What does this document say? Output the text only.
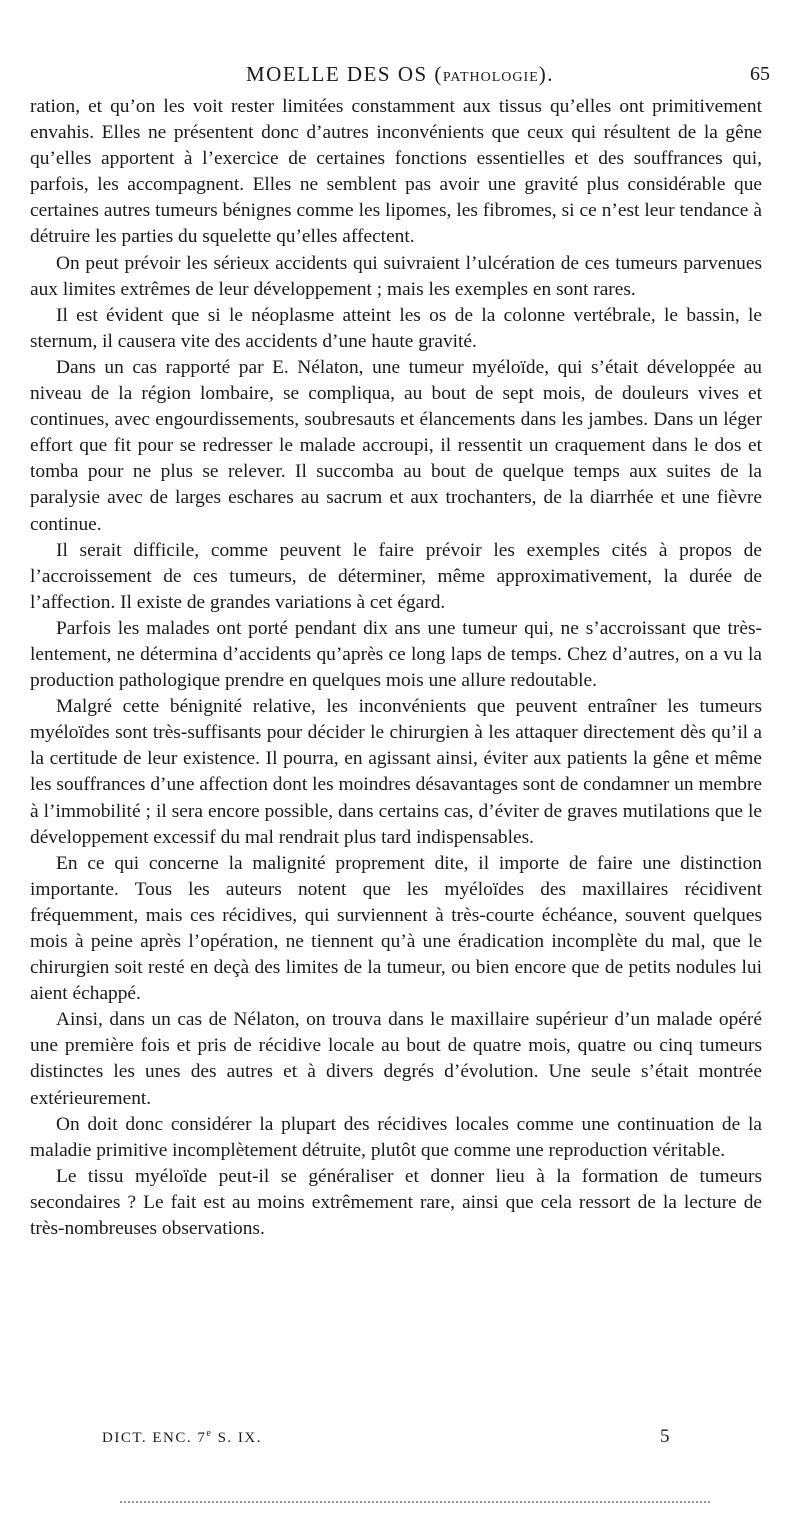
MOELLE DES OS (PATHOLOGIE).	65

ration, et qu’on les voit rester limitées constamment aux tissus qu’elles ont primitivement envahis. Elles ne présentent donc d’autres inconvénients que ceux qui résultent de la gêne qu’elles apportent à l’exercice de certaines fonctions essentielles et des souffrances qui, parfois, les accompagnent. Elles ne semblent pas avoir une gravité plus considérable que certaines autres tumeurs bénignes comme les lipomes, les fibromes, si ce n’est leur tendance à détruire les parties du squelette qu’elles affectent.

On peut prévoir les sérieux accidents qui suivraient l’ulcération de ces tumeurs parvenues aux limites extrêmes de leur développement ; mais les exemples en sont rares.

Il est évident que si le néoplasme atteint les os de la colonne vertébrale, le bassin, le sternum, il causera vite des accidents d’une haute gravité.

Dans un cas rapporté par E. Nélaton, une tumeur myéloïde, qui s’était développée au niveau de la région lombaire, se compliqua, au bout de sept mois, de douleurs vives et continues, avec engourdissements, soubresauts et élancements dans les jambes. Dans un léger effort que fit pour se redresser le malade accroupi, il ressentit un craquement dans le dos et tomba pour ne plus se relever. Il succomba au bout de quelque temps aux suites de la paralysie avec de larges eschares au sacrum et aux trochanters, de la diarrhée et une fièvre continue.

Il serait difficile, comme peuvent le faire prévoir les exemples cités à propos de l’accroissement de ces tumeurs, de déterminer, même approximativement, la durée de l’affection. Il existe de grandes variations à cet égard.

Parfois les malades ont porté pendant dix ans une tumeur qui, ne s’accroissant que très-lentement, ne détermina d’accidents qu’après ce long laps de temps. Chez d’autres, on a vu la production pathologique prendre en quelques mois une allure redoutable.

Malgré cette bénignité relative, les inconvénients que peuvent entraîner les tumeurs myéloïdes sont très-suffisants pour décider le chirurgien à les attaquer directement dès qu’il a la certitude de leur existence. Il pourra, en agissant ainsi, éviter aux patients la gêne et même les souffrances d’une affection dont les moindres désavantages sont de condamner un membre à l’immobilité ; il sera encore possible, dans certains cas, d’éviter de graves mutilations que le développement excessif du mal rendrait plus tard indispensables.

En ce qui concerne la malignité proprement dite, il importe de faire une distinction importante. Tous les auteurs notent que les myéloïdes des maxillaires récidivent fréquemment, mais ces récidives, qui surviennent à très-courte échéance, souvent quelques mois à peine après l’opération, ne tiennent qu’à une éradication incomplète du mal, que le chirurgien soit resté en deçà des limites de la tumeur, ou bien encore que de petits nodules lui aient échappé.

Ainsi, dans un cas de Nélaton, on trouva dans le maxillaire supérieur d’un malade opéré une première fois et pris de récidive locale au bout de quatre mois, quatre ou cinq tumeurs distinctes les unes des autres et à divers degrés d’évolution. Une seule s’était montrée extérieurement.

On doit donc considérer la plupart des récidives locales comme une continuation de la maladie primitive incomplètement détruite, plutôt que comme une reproduction véritable.

Le tissu myéloïde peut-il se généraliser et donner lieu à la formation de tumeurs secondaires ? Le fait est au moins extrêmement rare, ainsi que cela ressort de la lecture de très-nombreuses observations.

DICT. ENC. 7e S. IX.	5
